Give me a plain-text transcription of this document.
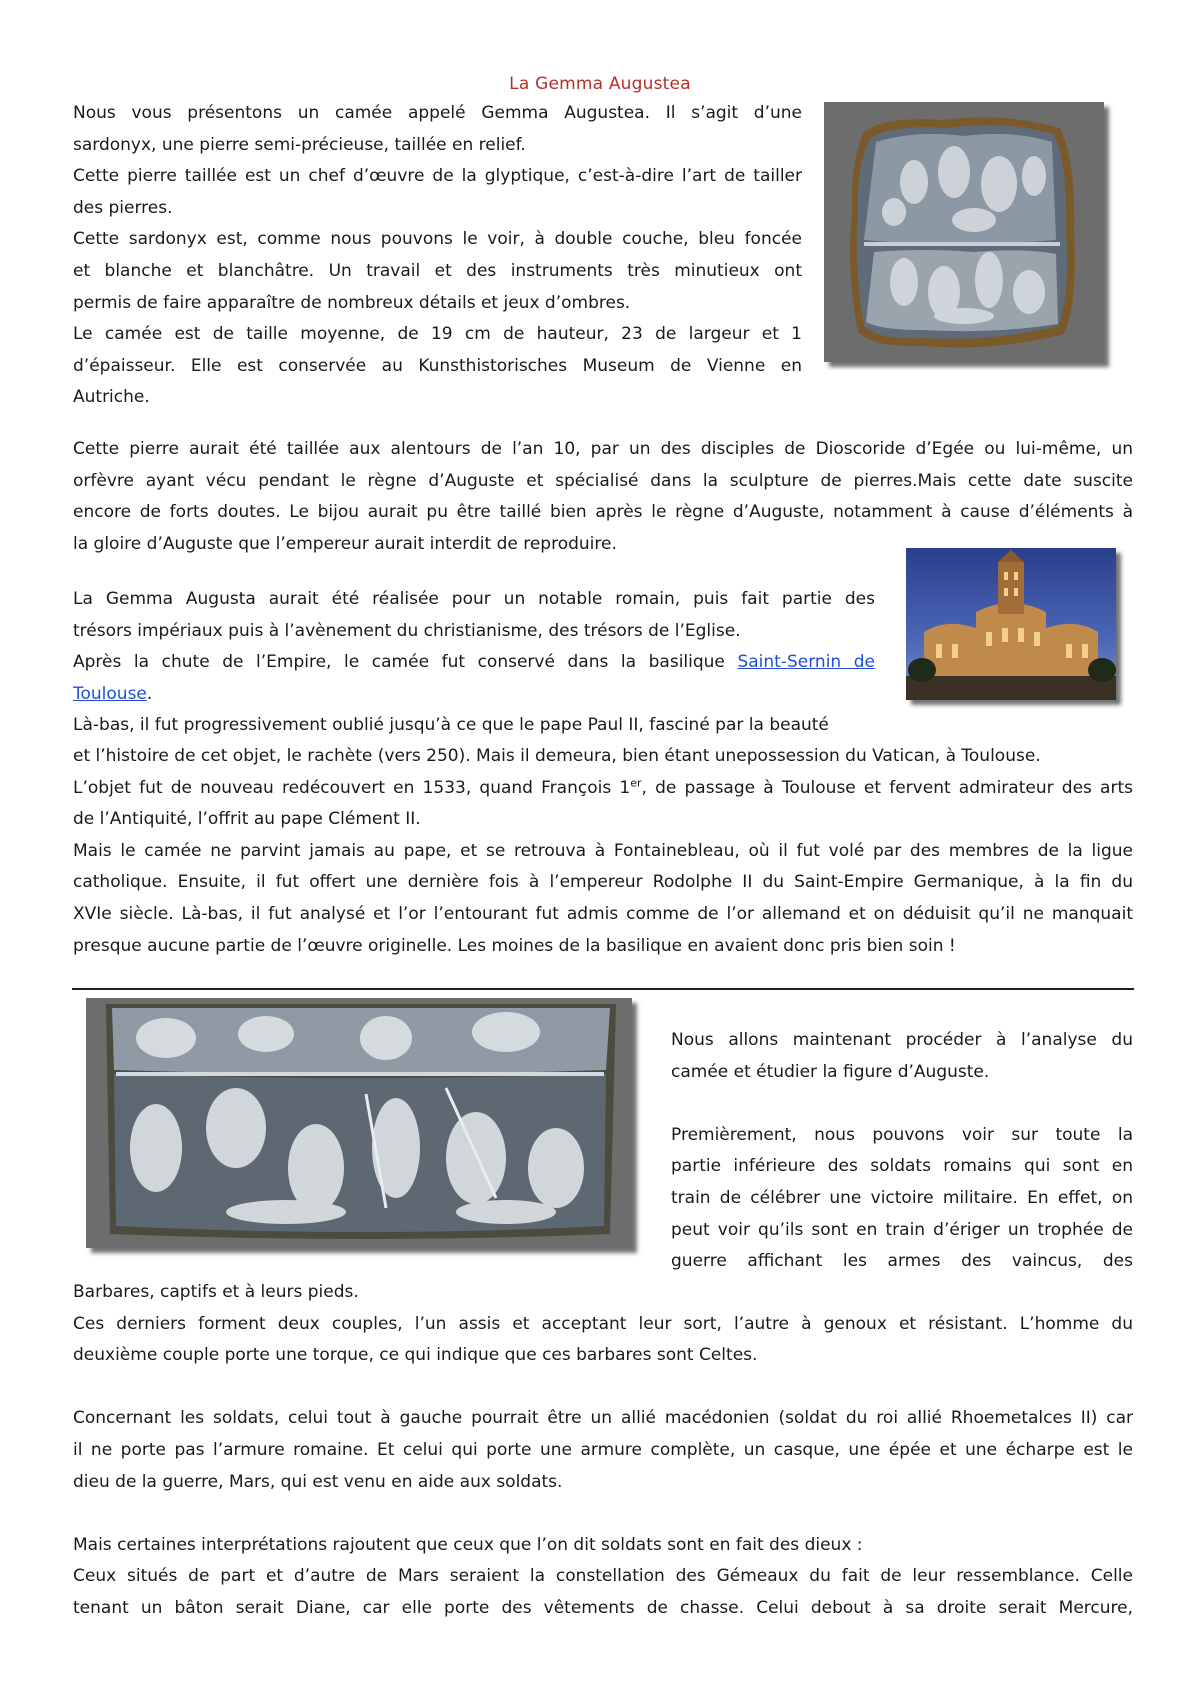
La Gemma Augustea
Nous vous présentons un camée appelé Gemma Augustea. Il s’agit d’une
sardonyx, une pierre semi-précieuse, taillée en relief.
Cette pierre taillée est un chef d’œuvre de la glyptique, c’est-à-dire l’art de tailler
des pierres.
Cette sardonyx est, comme nous pouvons le voir, à double couche, bleu foncée
et blanche et blanchâtre. Un travail et des instruments très minutieux ont
permis de faire apparaître de nombreux détails et jeux d’ombres.
Le camée est de taille moyenne, de 19 cm de hauteur, 23 de largeur et 1
d’épaisseur. Elle est conservée au Kunsthistorisches Museum de Vienne en
Autriche.
Cette pierre aurait été taillée aux alentours de l’an 10, par un des disciples de Dioscoride d’Egée ou lui-même, un
orfèvre ayant vécu pendant le règne d’Auguste et spécialisé dans la sculpture de pierres.Mais cette date suscite
encore de forts doutes. Le bijou aurait pu être taillé bien après le règne d’Auguste, notamment à cause d’éléments à
la gloire d’Auguste que l’empereur aurait interdit de reproduire.
La Gemma Augusta aurait été réalisée pour un notable romain, puis fait partie des
trésors impériaux puis à l’avènement du christianisme, des trésors de l’Eglise.
Après la chute de l’Empire, le camée fut conservé dans la basilique Saint-Sernin de
Toulouse.
Là-bas, il fut progressivement oublié jusqu’à ce que le pape Paul II, fasciné par la beauté
et l’histoire de cet objet, le rachète (vers 250). Mais il demeura, bien étant unepossession du Vatican, à Toulouse.
L’objet fut de nouveau redécouvert en 1533, quand François 1er, de passage à Toulouse et fervent admirateur des arts
de l’Antiquité, l’offrit au pape Clément II.
Mais le camée ne parvint jamais au pape, et se retrouva à Fontainebleau, où il fut volé par des membres de la ligue
catholique. Ensuite, il fut offert une dernière fois à l’empereur Rodolphe II du Saint-Empire Germanique, à la fin du
XVIe siècle. Là-bas, il fut analysé et l’or l’entourant fut admis comme de l’or allemand et on déduisit qu’il ne manquait
presque aucune partie de l’œuvre originelle. Les moines de la basilique en avaient donc pris bien soin !
Nous allons maintenant procéder à l’analyse du
camée et étudier la figure d’Auguste.
Premièrement, nous pouvons voir sur toute la
partie inférieure des soldats romains qui sont en
train de célébrer une victoire militaire. En effet, on
peut voir qu’ils sont en train d’ériger un trophée de
guerre affichant les armes des vaincus, des
Barbares, captifs et à leurs pieds.
Ces derniers forment deux couples, l’un assis et acceptant leur sort, l’autre à genoux et résistant. L’homme du
deuxième couple porte une torque, ce qui indique que ces barbares sont Celtes.
Concernant les soldats, celui tout à gauche pourrait être un allié macédonien (soldat du roi allié Rhoemetalces II) car
il ne porte pas l’armure romaine. Et celui qui porte une armure complète, un casque, une épée et une écharpe est le
dieu de la guerre, Mars, qui est venu en aide aux soldats.
Mais certaines interprétations rajoutent que ceux que l’on dit soldats sont en fait des dieux :
Ceux situés de part et d’autre de Mars seraient la constellation des Gémeaux du fait de leur ressemblance. Celle
tenant un bâton serait Diane, car elle porte des vêtements de chasse. Celui debout à sa droite serait Mercure,
